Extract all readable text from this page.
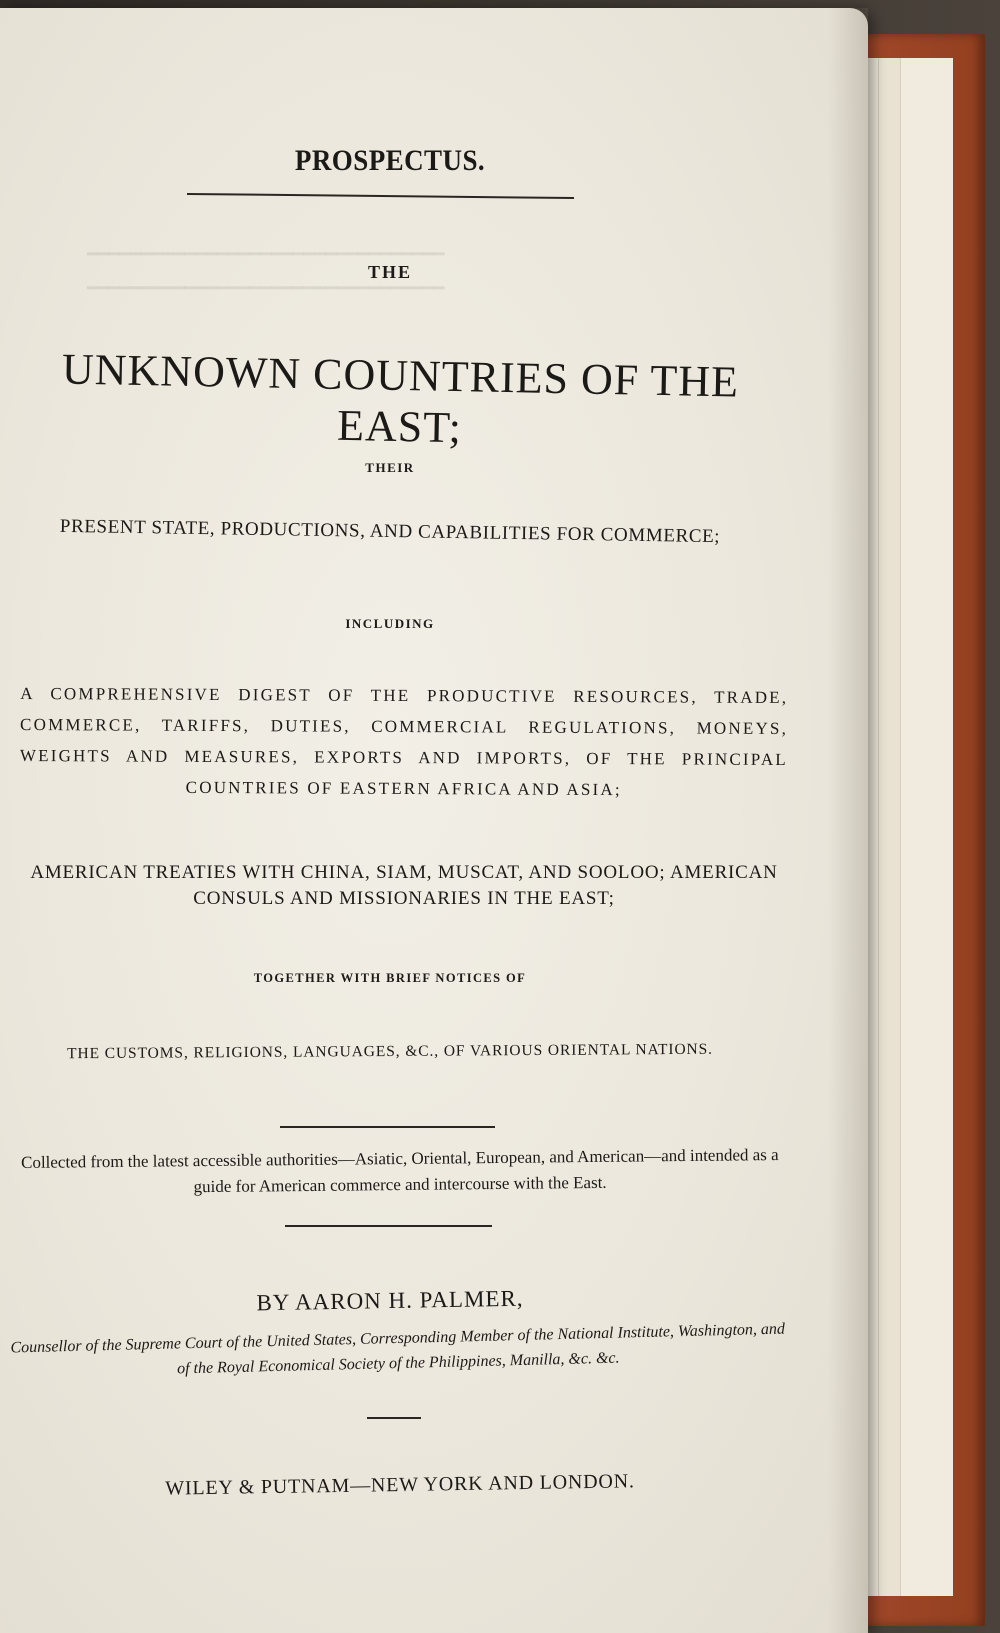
━━━━━━━━━━━━━━━━━━━━━━━━━━━━━━━━━
━━━━━━━━━━━━━━━━━━━━━━━━━━━━━━━━━

PROSPECTUS.
THE
UNKNOWN COUNTRIES OF THE EAST;
THEIR
PRESENT STATE, PRODUCTIONS, AND CAPABILITIES FOR COMMERCE;
INCLUDING
A COMPREHENSIVE DIGEST OF THE PRODUCTIVE RESOURCES, TRADE, COMMERCE, TARIFFS, DUTIES, COMMERCIAL REGULATIONS, MONEYS, WEIGHTS AND MEASURES, EXPORTS AND IMPORTS, OF THE PRINCIPAL COUNTRIES OF EASTERN AFRICA AND ASIA;
AMERICAN TREATIES WITH CHINA, SIAM, MUSCAT, AND SOOLOO; AMERICAN CONSULS AND MISSIONARIES IN THE EAST;
TOGETHER WITH BRIEF NOTICES OF
THE CUSTOMS, RELIGIONS, LANGUAGES, &C., OF VARIOUS ORIENTAL NATIONS.
Collected from the latest accessible authorities—Asiatic, Oriental, European, and American—and intended as a guide for American commerce and intercourse with the East.
BY AARON H. PALMER,
Counsellor of the Supreme Court of the United States, Corresponding Member of the National Institute, Washington, and of the Royal Economical Society of the Philippines, Manilla, &c. &c.
WILEY & PUTNAM—NEW YORK AND LONDON.
